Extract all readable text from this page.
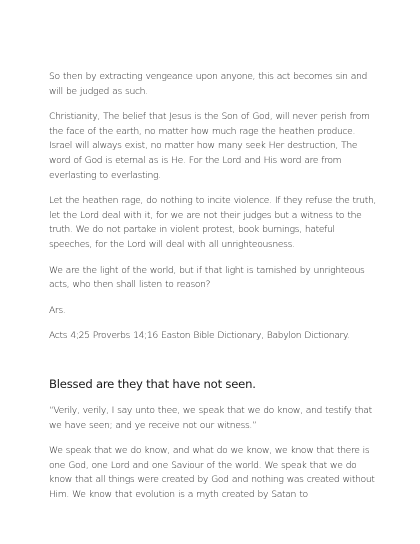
So then by extracting vengeance upon anyone, this act becomes sin and will be judged as such.

Christianity, The belief that Jesus is the Son of God, will never perish from the face of the earth, no matter how much rage the heathen produce. Israel will always exist, no matter how many seek Her destruction, The word of God is eternal as is He. For the Lord and His word are from everlasting to everlasting.

Let the heathen rage, do nothing to incite violence. If they refuse the truth, let the Lord deal with it, for we are not their judges but a witness to the truth. We do not partake in violent protest, book burnings, hateful speeches, for the Lord will deal with all unrighteousness.

We are the light of the world, but if that light is tarnished by unrighteous acts, who then shall listen to reason?

Ars.

Acts 4;25 Proverbs 14;16 Easton Bible Dictionary, Babylon Dictionary.

Blessed are they that have not seen.

“Verily, verily, I say unto thee, we speak that we do know, and testify that we have seen; and ye receive not our witness.”

We speak that we do know, and what do we know, we know that there is one God, one Lord and one Saviour of the world. We speak that we do know that all things were created by God and nothing was created without Him. We know that evolution is a myth created by Satan to
